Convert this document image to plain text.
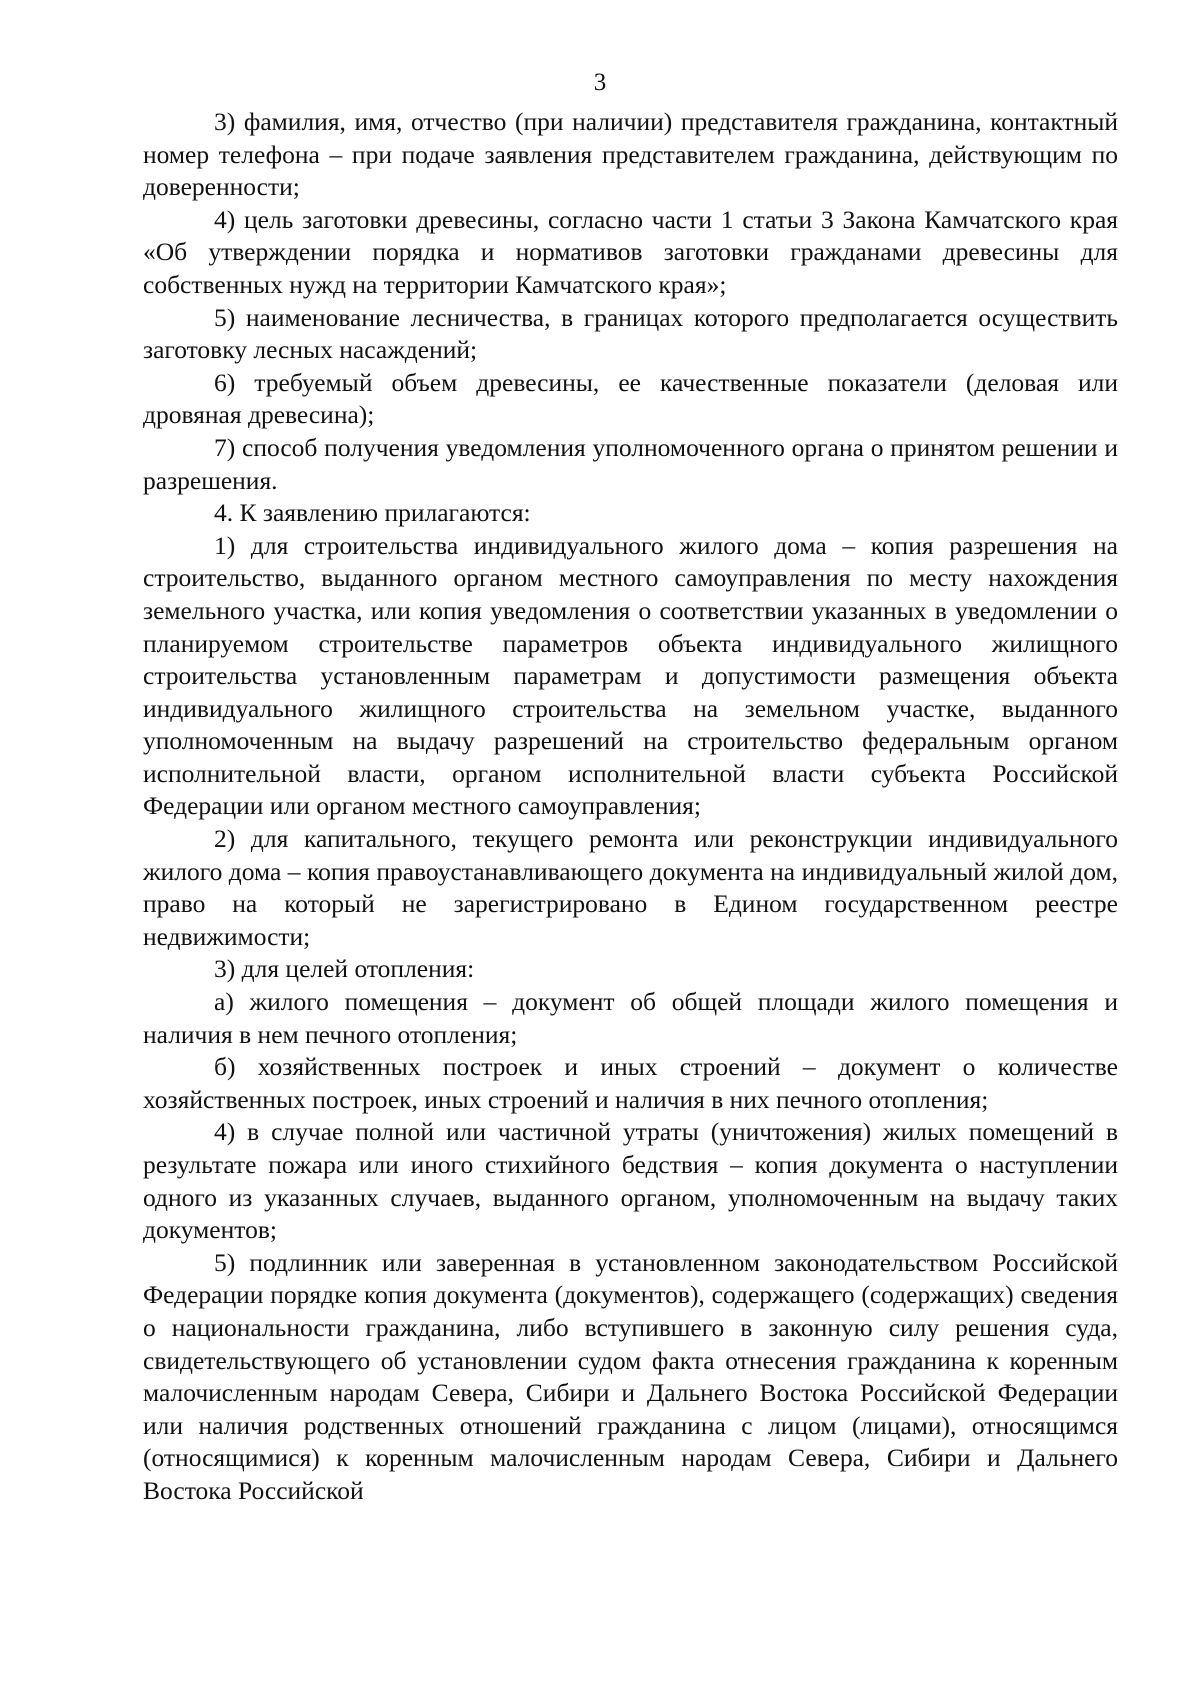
3

3) фамилия, имя, отчество (при наличии) представителя гражданина, контактный номер телефона – при подаче заявления представителем гражданина, действующим по доверенности;

4) цель заготовки древесины, согласно части 1 статьи 3 Закона Камчатского края «Об утверждении порядка и нормативов заготовки гражданами древесины для собственных нужд на территории Камчатского края»;

5) наименование лесничества, в границах которого предполагается осуществить заготовку лесных насаждений;

6) требуемый объем древесины, ее качественные показатели (деловая или дровяная древесина);

7) способ получения уведомления уполномоченного органа о принятом решении и разрешения.

4. К заявлению прилагаются:

1) для строительства индивидуального жилого дома – копия разрешения на строительство, выданного органом местного самоуправления по месту нахождения земельного участка, или копия уведомления о соответствии указанных в уведомлении о планируемом строительстве параметров объекта индивидуального жилищного строительства установленным параметрам и допустимости размещения объекта индивидуального жилищного строительства на земельном участке, выданного уполномоченным на выдачу разрешений на строительство федеральным органом исполнительной власти, органом исполнительной власти субъекта Российской Федерации или органом местного самоуправления;

2) для капитального, текущего ремонта или реконструкции индивидуального жилого дома – копия правоустанавливающего документа на индивидуальный жилой дом, право на который не зарегистрировано в Едином государственном реестре недвижимости;

3) для целей отопления:

а) жилого помещения – документ об общей площади жилого помещения и наличия в нем печного отопления;

б) хозяйственных построек и иных строений – документ о количестве хозяйственных построек, иных строений и наличия в них печного отопления;

4) в случае полной или частичной утраты (уничтожения) жилых помещений в результате пожара или иного стихийного бедствия – копия документа о наступлении одного из указанных случаев, выданного органом, уполномоченным на выдачу таких документов;

5) подлинник или заверенная в установленном законодательством Российской Федерации порядке копия документа (документов), содержащего (содержащих) сведения о национальности гражданина, либо вступившего в законную силу решения суда, свидетельствующего об установлении судом факта отнесения гражданина к коренным малочисленным народам Севера, Сибири и Дальнего Востока Российской Федерации или наличия родственных отношений гражданина с лицом (лицами), относящимся (относящимися) к коренным малочисленным народам Севера, Сибири и Дальнего Востока Российской
